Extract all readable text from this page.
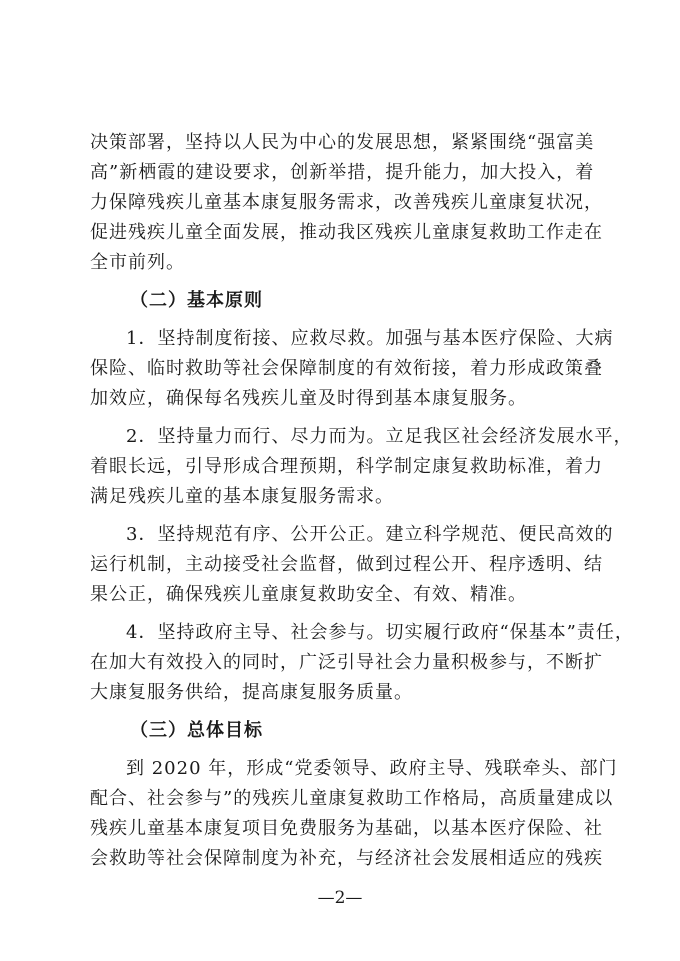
决策部署，坚持以人民为中心的发展思想，紧紧围绕“强富美
高”新栖霞的建设要求，创新举措，提升能力，加大投入，着
力保障残疾儿童基本康复服务需求，改善残疾儿童康复状况，
促进残疾儿童全面发展，推动我区残疾儿童康复救助工作走在
全市前列。
（二）基本原则
1．坚持制度衔接、应救尽救。加强与基本医疗保险、大病
保险、临时救助等社会保障制度的有效衔接，着力形成政策叠
加效应，确保每名残疾儿童及时得到基本康复服务。
2．坚持量力而行、尽力而为。立足我区社会经济发展水平，
着眼长远，引导形成合理预期，科学制定康复救助标准，着力
满足残疾儿童的基本康复服务需求。
3．坚持规范有序、公开公正。建立科学规范、便民高效的
运行机制，主动接受社会监督，做到过程公开、程序透明、结
果公正，确保残疾儿童康复救助安全、有效、精准。
4．坚持政府主导、社会参与。切实履行政府“保基本”责任，
在加大有效投入的同时，广泛引导社会力量积极参与，不断扩
大康复服务供给，提高康复服务质量。
（三）总体目标
到 2020 年，形成“党委领导、政府主导、残联牵头、部门
配合、社会参与”的残疾儿童康复救助工作格局，高质量建成以
残疾儿童基本康复项目免费服务为基础，以基本医疗保险、社
会救助等社会保障制度为补充，与经济社会发展相适应的残疾
—2—
